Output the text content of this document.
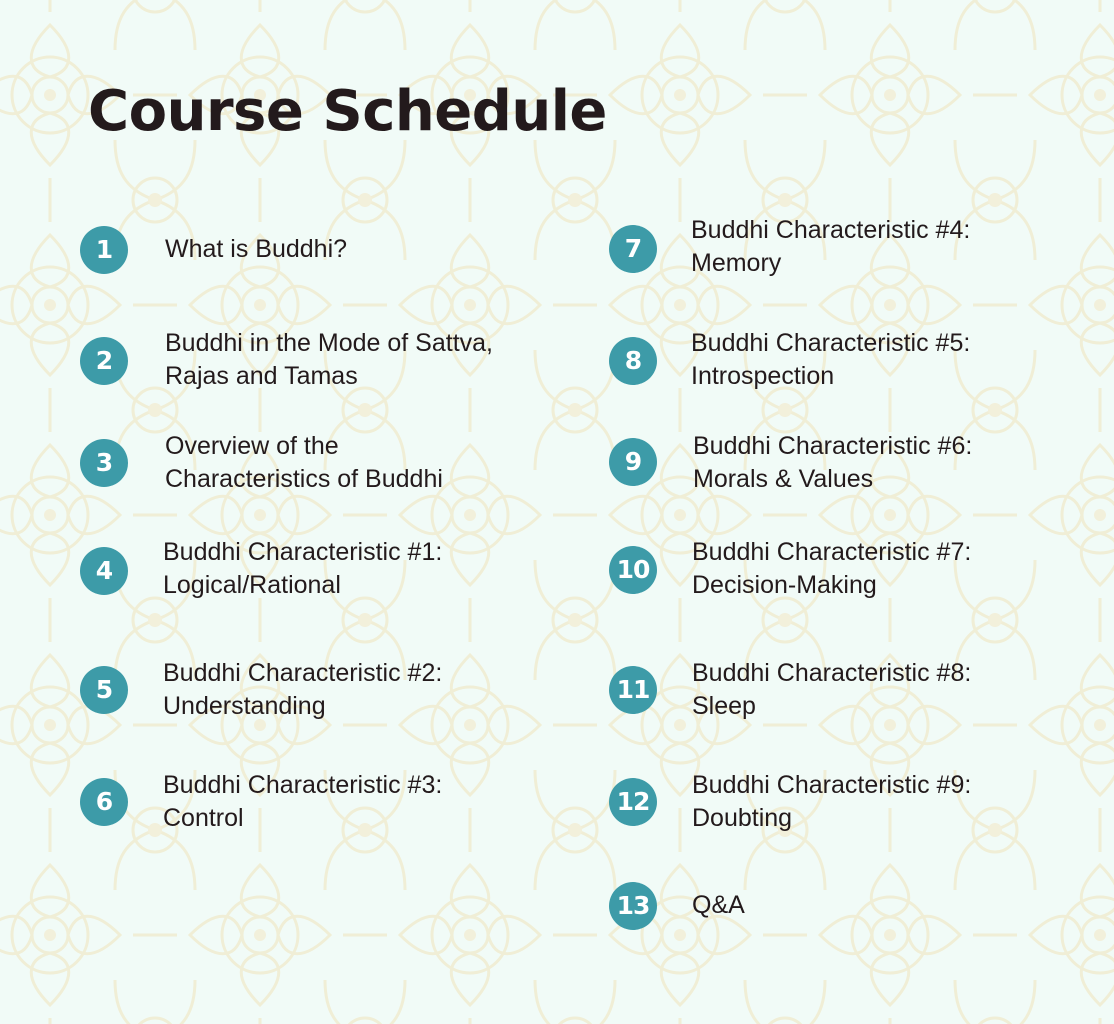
Course Schedule
1	What is Buddhi?
2
Buddhi in the Mode of Sattva,
Rajas and Tamas
3
Overview of the
Characteristics of Buddhi
4
Buddhi Characteristic #1:
Logical/Rational
5
Buddhi Characteristic #2:
Understanding
6
Buddhi Characteristic #3:
Control
7
Buddhi Characteristic #4:
Memory
8
Buddhi Characteristic #5:
Introspection
9
Buddhi Characteristic #6:
Morals & Values
10
Buddhi Characteristic #7:
Decision-Making
11
Buddhi Characteristic #8:
Sleep
12
Buddhi Characteristic #9:
Doubting
13	Q&A
